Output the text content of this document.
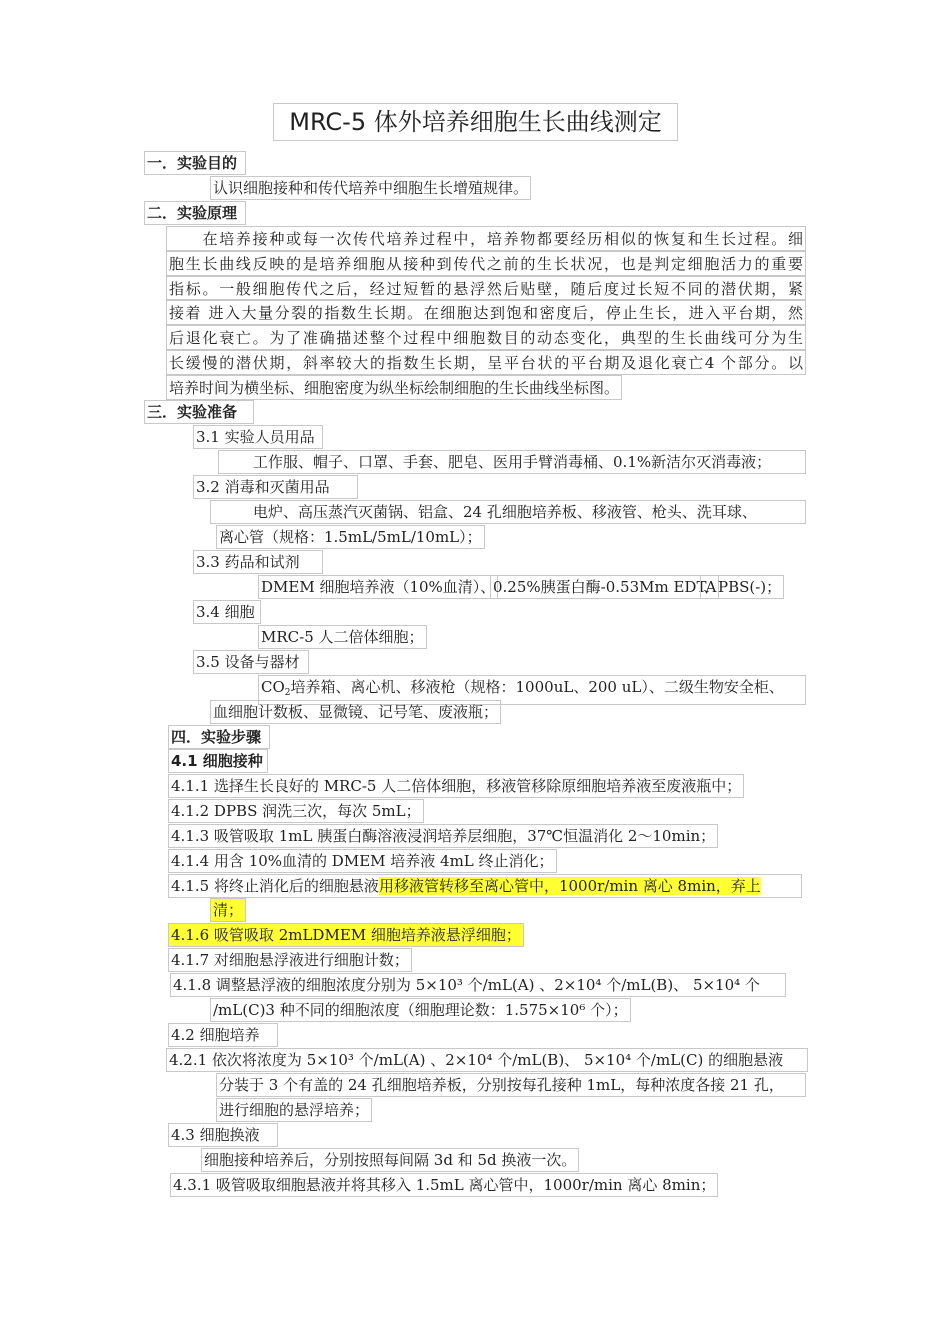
MRC-5 体外培养细胞生长曲线测定
一．实验目的
认识细胞接种和传代培养中细胞生长增殖规律。
二．实验原理
　　在培养接种或每一次传代培养过程中，培养物都要经历相似的恢复和生长过程。细
胞生长曲线反映的是培养细胞从接种到传代之前的生长状况，也是判定细胞活力的重要
指标。一般细胞传代之后，经过短暂的悬浮然后贴壁，随后度过长短不同的潜伏期，紧
接着 进入大量分裂的指数生长期。在细胞达到饱和密度后，停止生长，进入平台期，然
后退化衰亡。为了准确描述整个过程中细胞数目的动态变化，典型的生长曲线可分为生
长缓慢的潜伏期，斜率较大的指数生长期，呈平台状的平台期及退化衰亡4 个部分。以
培养时间为横坐标、细胞密度为纵坐标绘制细胞的生长曲线坐标图。
三．实验准备
3.1 实验人员用品
工作服、帽子、口罩、手套、肥皂、医用手臂消毒桶、0.1%新洁尔灭消毒液；
3.2 消毒和灭菌用品
电炉、高压蒸汽灭菌锅、铝盒、24 孔细胞培养板、移液管、枪头、洗耳球、
离心管（规格：1.5mL/5mL/10mL）；
3.3 药品和试剂
DMEM 细胞培养液（10%血清）、
0.25%胰蛋白酶-0.53Mm EDTA
、PBS(-)；
3.4 细胞
MRC-5 人二倍体细胞；
3.5 设备与器材
$CO_2$培养箱、离心机、移液枪（规格：1000uL、200 uL）、二级生物安全柜、
血细胞计数板、显微镜、记号笔、废液瓶；
四．实验步骤
4.1 细胞接种
4.1.1 选择生长良好的 MRC-5 人二倍体细胞，移液管移除原细胞培养液至废液瓶中；
4.1.2 DPBS 润洗三次，每次 5mL；
4.1.3 吸管吸取 1mL 胰蛋白酶溶液浸润培养层细胞，37℃恒温消化 2～10min；
4.1.4 用含 10%血清的 DMEM 培养液 4mL 终止消化；
4.1.5 将终止消化后的细胞悬液用移液管转移至离心管中，1000r/min 离心 8min，弃上
清；
4.1.6 吸管吸取 2mLDMEM 细胞培养液悬浮细胞；
4.1.7 对细胞悬浮液进行细胞计数；
4.1.8 调整悬浮液的细胞浓度分别为 5×10³ 个/mL(A) 、2×10⁴ 个/mL(B)、 5×10⁴ 个
/mL(C)3 种不同的细胞浓度（细胞理论数：1.575×10⁶ 个）；
4.2 细胞培养
4.2.1 依次将浓度为 5×10³ 个/mL(A) 、2×10⁴ 个/mL(B)、 5×10⁴ 个/mL(C) 的细胞悬液
分装于 3 个有盖的 24 孔细胞培养板，分别按每孔接种 1mL，每种浓度各接 21 孔，
进行细胞的悬浮培养；
4.3 细胞换液
细胞接种培养后，分别按照每间隔 3d 和 5d 换液一次。
4.3.1 吸管吸取细胞悬液并将其移入 1.5mL 离心管中，1000r/min 离心 8min；
